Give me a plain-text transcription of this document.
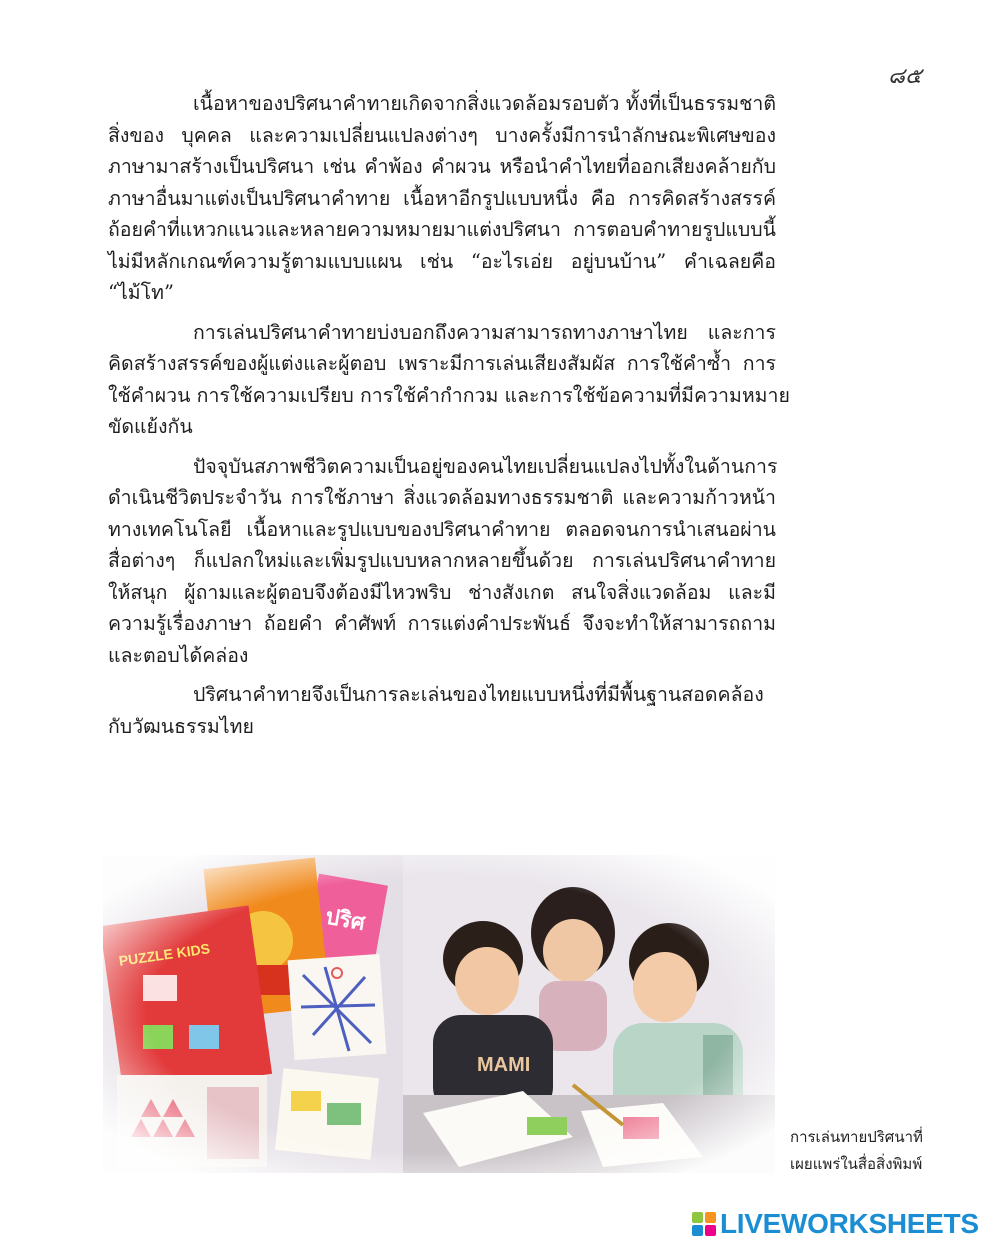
๘๕

เนื้อหาของปริศนาคำทายเกิดจากสิ่งแวดล้อมรอบตัว ทั้งที่เป็นธรรมชาติ
สิ่งของ บุคคล และความเปลี่ยนแปลงต่างๆ บางครั้งมีการนำลักษณะพิเศษของ
ภาษามาสร้างเป็นปริศนา เช่น คำพ้อง คำผวน หรือนำคำไทยที่ออกเสียงคล้ายกับ
ภาษาอื่นมาแต่งเป็นปริศนาคำทาย เนื้อหาอีกรูปแบบหนึ่ง คือ การคิดสร้างสรรค์
ถ้อยคำที่แหวกแนวและหลายความหมายมาแต่งปริศนา การตอบคำทายรูปแบบนี้
ไม่มีหลักเกณฑ์ความรู้ตามแบบแผน เช่น “อะไรเอ่ย อยู่บนบ้าน” คำเฉลยคือ
“ไม้โท”

การเล่นปริศนาคำทายบ่งบอกถึงความสามารถทางภาษาไทย และการ
คิดสร้างสรรค์ของผู้แต่งและผู้ตอบ เพราะมีการเล่นเสียงสัมผัส การใช้คำซ้ำ การ
ใช้คำผวน การใช้ความเปรียบ การใช้คำกำกวม และการใช้ข้อความที่มีความหมาย
ขัดแย้งกัน

ปัจจุบันสภาพชีวิตความเป็นอยู่ของคนไทยเปลี่ยนแปลงไปทั้งในด้านการ
ดำเนินชีวิตประจำวัน การใช้ภาษา สิ่งแวดล้อมทางธรรมชาติ และความก้าวหน้า
ทางเทคโนโลยี เนื้อหาและรูปแบบของปริศนาคำทาย ตลอดจนการนำเสนอผ่าน
สื่อต่างๆ ก็แปลกใหม่และเพิ่มรูปแบบหลากหลายขึ้นด้วย การเล่นปริศนาคำทาย
ให้สนุก ผู้ถามและผู้ตอบจึงต้องมีไหวพริบ ช่างสังเกต สนใจสิ่งแวดล้อม และมี
ความรู้เรื่องภาษา ถ้อยคำ คำศัพท์ การแต่งคำประพันธ์ จึงจะทำให้สามารถถาม
และตอบได้คล่อง

ปริศนาคำทายจึงเป็นการละเล่นของไทยแบบหนึ่งที่มีพื้นฐานสอดคล้อง
กับวัฒนธรรมไทย

การเล่นทายปริศนาที่
เผยแพร่ในสื่อสิ่งพิมพ์
LIVEWORKSHEETS
